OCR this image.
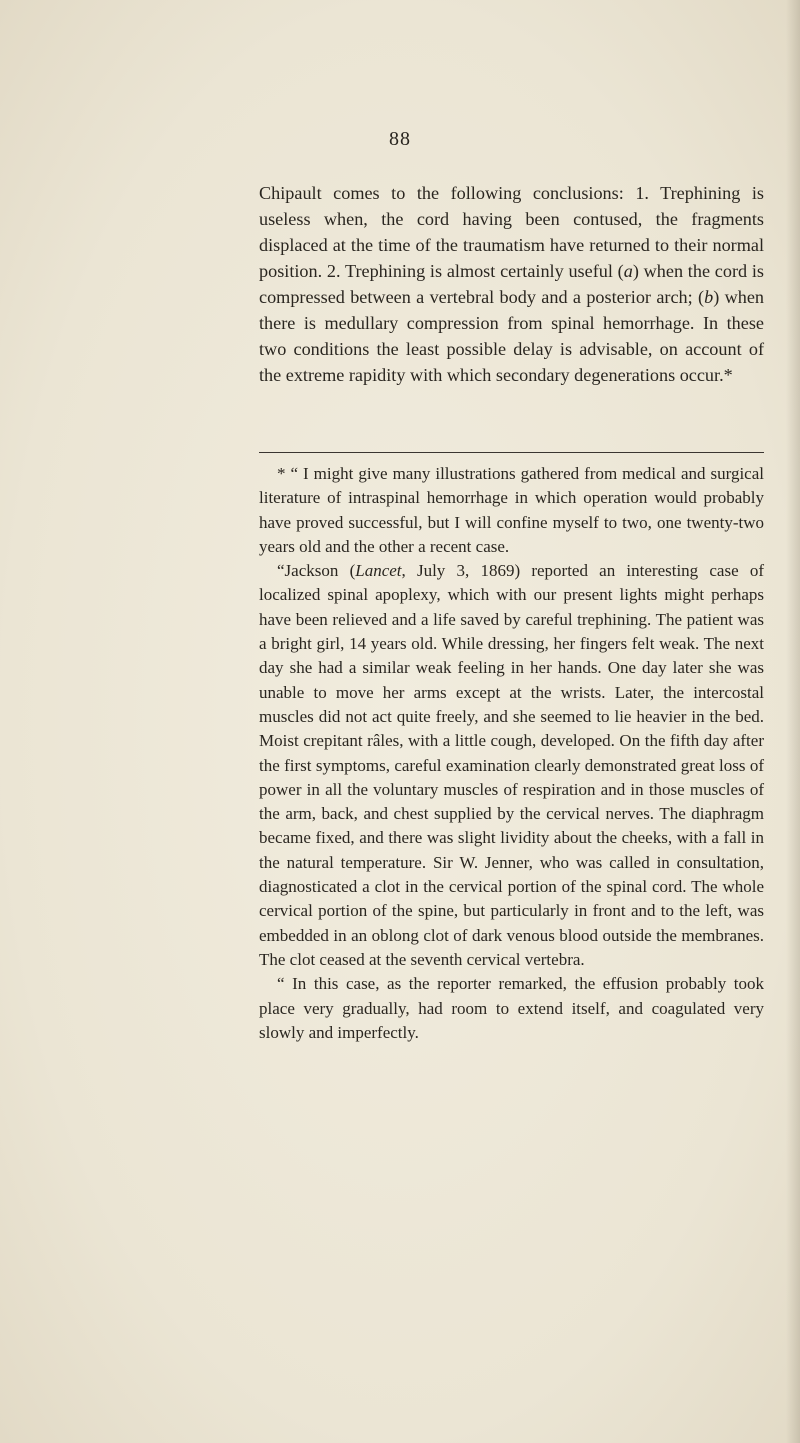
88

Chipault comes to the following conclusions: 1. Trephining is useless when, the cord having been contused, the fragments displaced at the time of the traumatism have returned to their normal position. 2. Trephining is almost certainly useful (a) when the cord is compressed between a vertebral body and a posterior arch; (b) when there is medullary compression from spinal hemorrhage. In these two conditions the least possible delay is advisable, on account of the extreme rapidity with which secondary degenerations occur.*

* “ I might give many illustrations gathered from medical and surgical literature of intraspinal hemorrhage in which operation would probably have proved successful, but I will confine myself to two, one twenty-two years old and the other a recent case.

“Jackson (Lancet, July 3, 1869) reported an interesting case of localized spinal apoplexy, which with our present lights might perhaps have been relieved and a life saved by careful trephining. The patient was a bright girl, 14 years old. While dressing, her fingers felt weak. The next day she had a similar weak feeling in her hands. One day later she was unable to move her arms except at the wrists. Later, the intercostal muscles did not act quite freely, and she seemed to lie heavier in the bed. Moist crepitant râles, with a little cough, developed. On the fifth day after the first symptoms, careful examination clearly demonstrated great loss of power in all the voluntary muscles of respiration and in those muscles of the arm, back, and chest supplied by the cervical nerves. The diaphragm became fixed, and there was slight lividity about the cheeks, with a fall in the natural temperature. Sir W. Jenner, who was called in consultation, diagnosticated a clot in the cervical portion of the spinal cord. The whole cervical portion of the spine, but particularly in front and to the left, was embedded in an oblong clot of dark venous blood outside the membranes. The clot ceased at the seventh cervical vertebra.

“ In this case, as the reporter remarked, the effusion probably took place very gradually, had room to extend itself, and coagulated very slowly and imperfectly.
